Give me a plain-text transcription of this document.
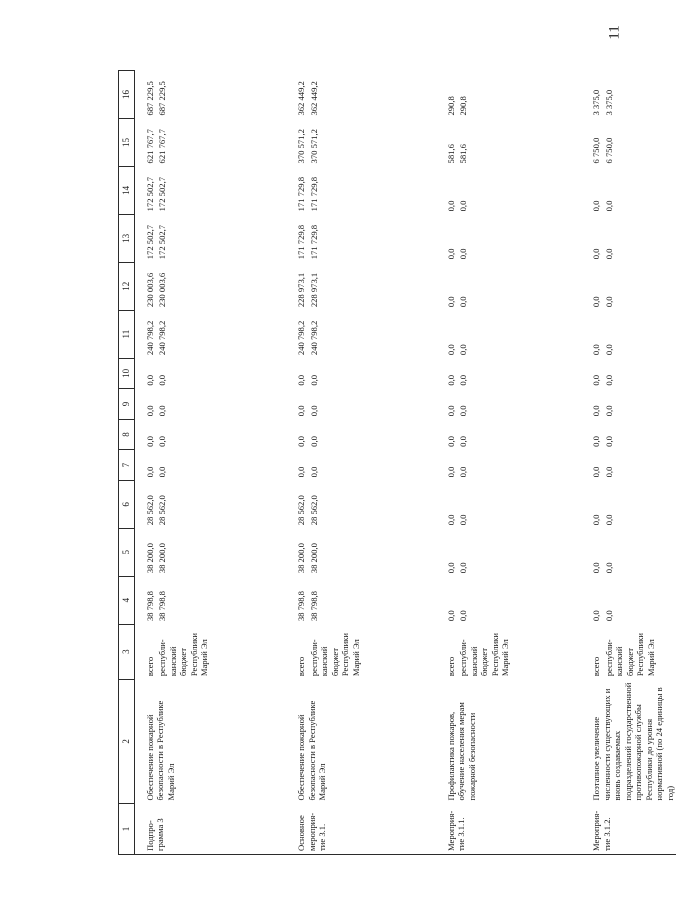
11
1	2	3	4	5	6	7	8	9	10	11	12	13	14	15	16
Подпро-
грамма 3	Обеспечение пожарной безопасности в Республике Марий Эл	всего	38 798,8	38 200,0	28 562,0	0,0	0,0	0,0	0,0	240 798,2	230 003,6	172 502,7	172 502,7	621 767,7	687 229,5
		республи-
канский
бюджет
Республики
Марий Эл	38 798,8	38 200,0	28 562,0	0,0	0,0	0,0	0,0	240 798,2	230 003,6	172 502,7	172 502,7	621 767,7	687 229,5
Основное
мероприя-
тие 3.1.	Обеспечение пожарной безопасности в Республике Марий Эл	всего	38 798,8	38 200,0	28 562,0	0,0	0,0	0,0	0,0	240 798,2	228 973,1	171 729,8	171 729,8	370 571,2	362 449,2
		республи-
канский
бюджет
Республики
Марий Эл	38 798,8	38 200,0	28 562,0	0,0	0,0	0,0	0,0	240 798,2	228 973,1	171 729,8	171 729,8	370 571,2	362 449,2
Мероприя-
тие 3.1.1.	Профилактика пожаров, обучение населения мерам пожарной безопасности	всего	0,0	0,0	0,0	0,0	0,0	0,0	0,0	0,0	0,0	0,0	0,0	581,6	290,8
		республи-
канский
бюджет
Республики
Марий Эл	0,0	0,0	0,0	0,0	0,0	0,0	0,0	0,0	0,0	0,0	0,0	581,6	290,8
Мероприя-
тие 3.1.2.	Поэтапное увеличение численности существующих и вновь создаваемых подразделений государственной противопожарной службы Республики до уровня нормативной (по 24 единицы в год)	всего	0,0	0,0	0,0	0,0	0,0	0,0	0,0	0,0	0,0	0,0	0,0	6 750,0	3 375,0
		республи-
канский
бюджет
Республики
Марий Эл	0,0	0,0	0,0	0,0	0,0	0,0	0,0	0,0	0,0	0,0	0,0	6 750,0	3 375,0
